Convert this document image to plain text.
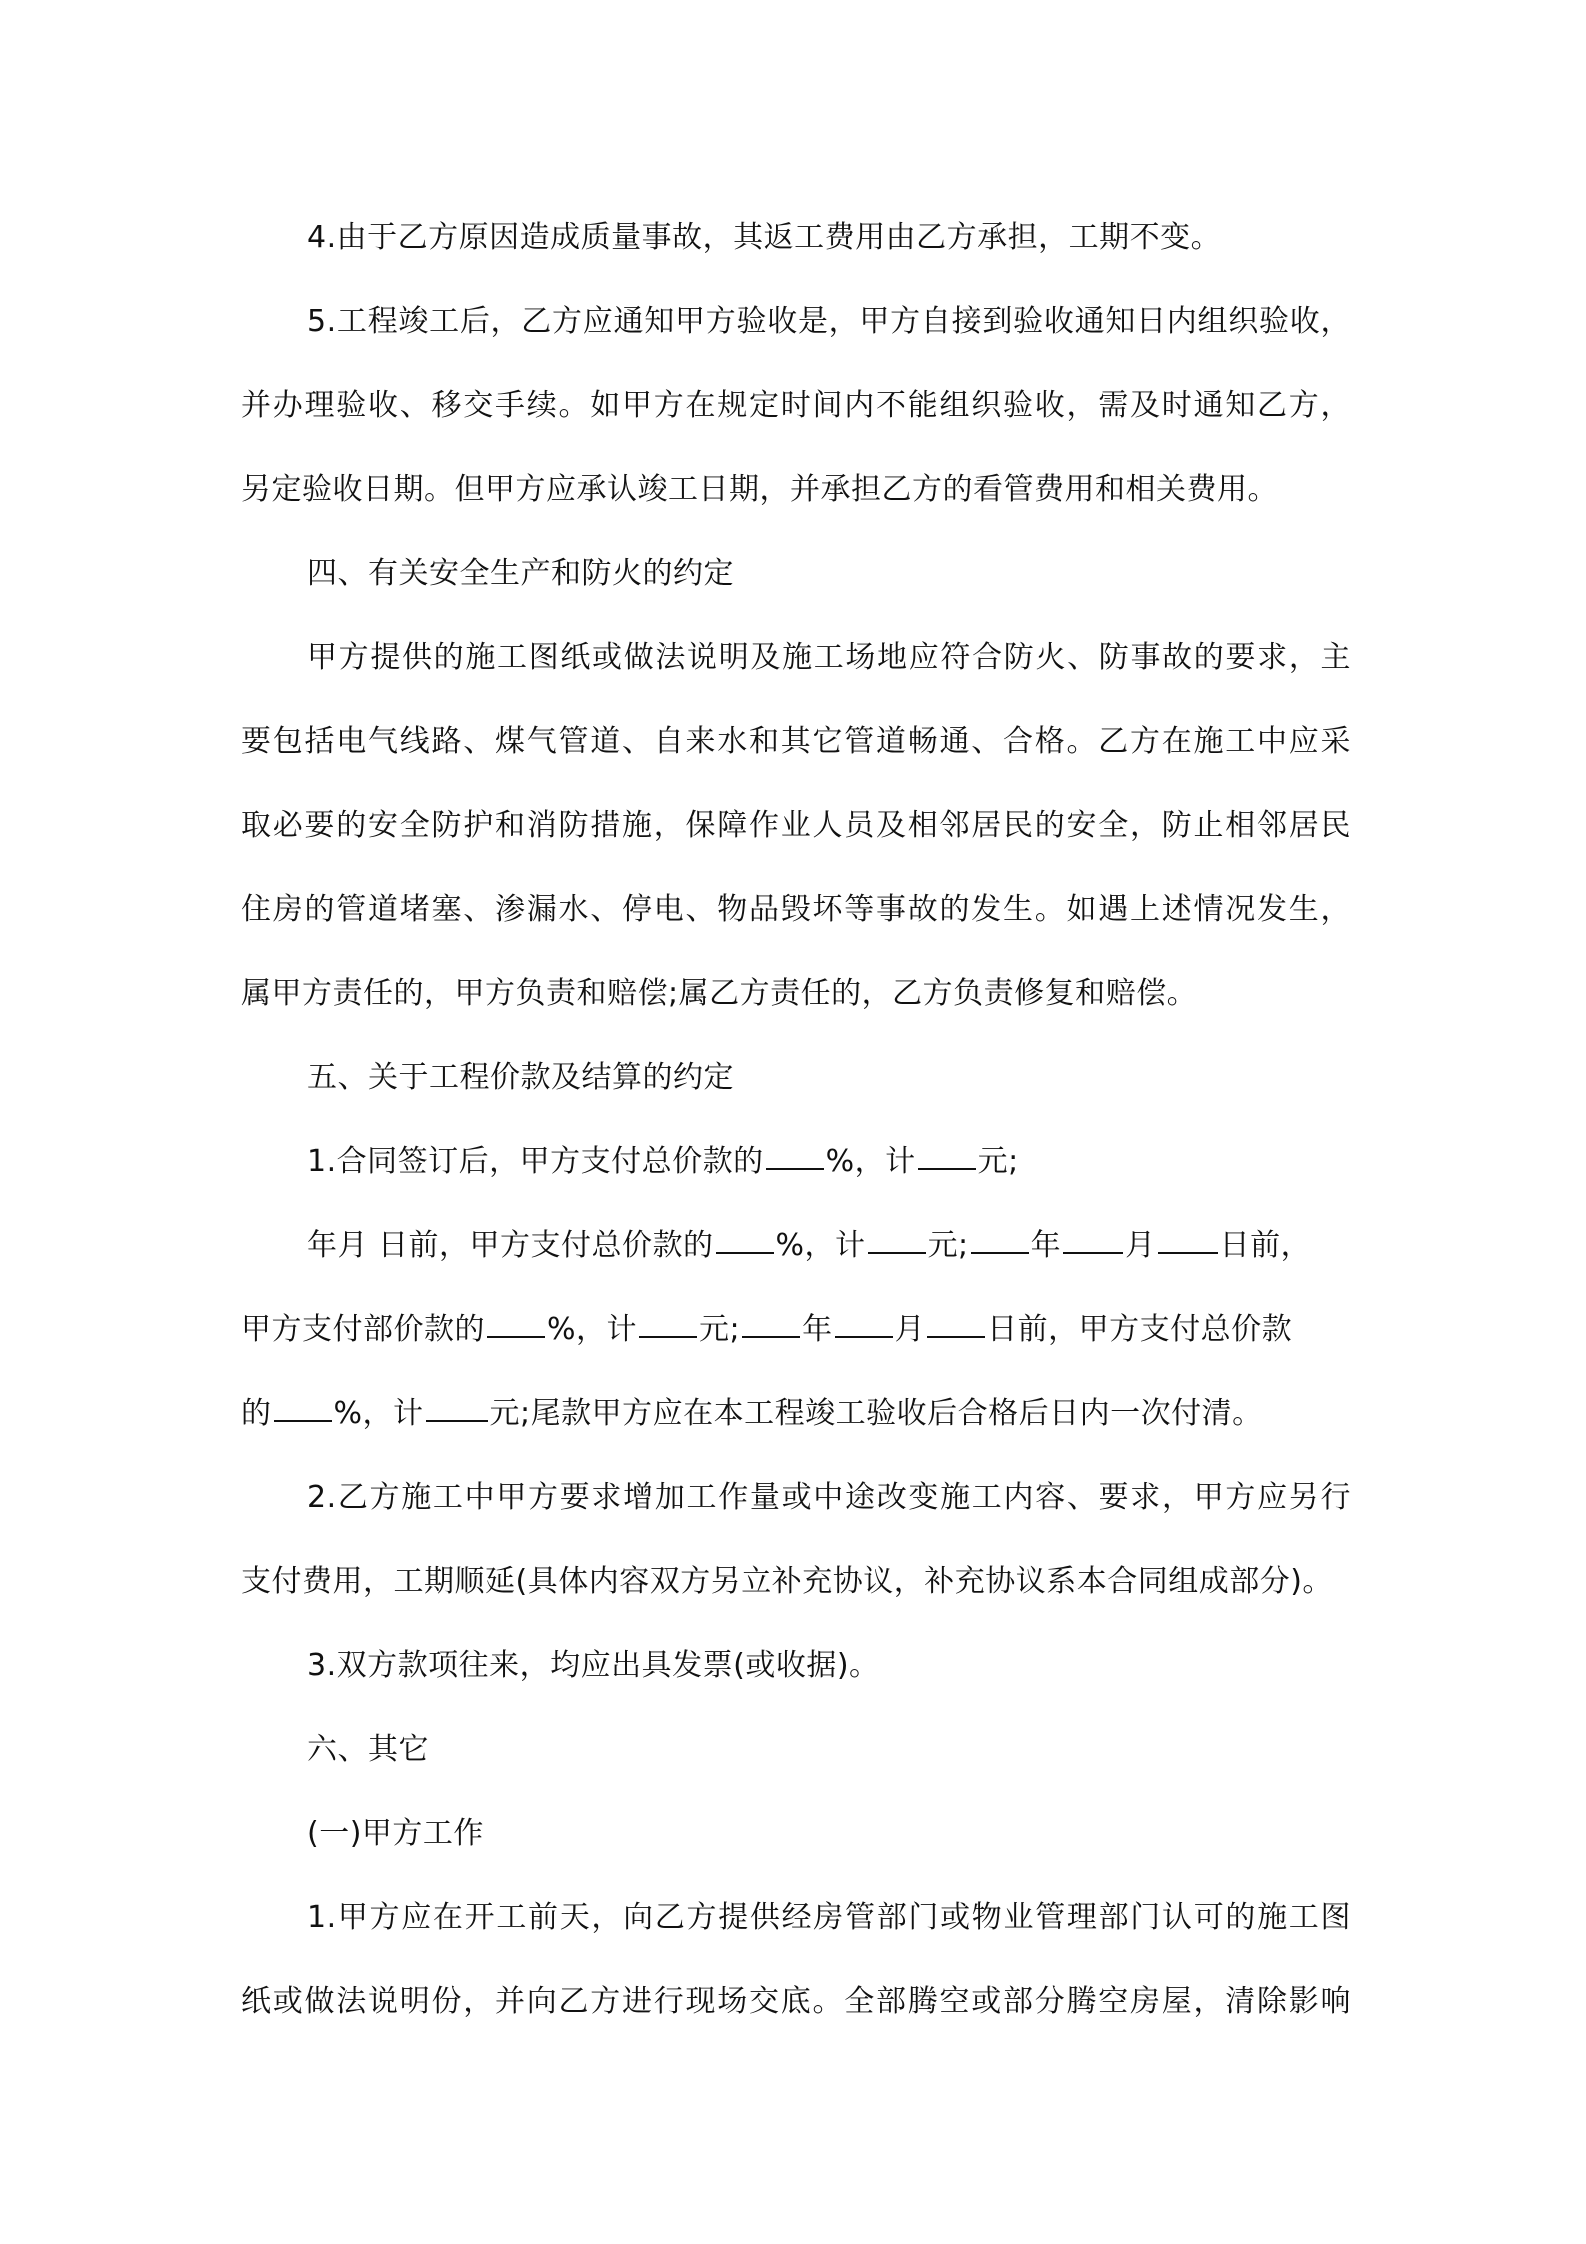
4.由于乙方原因造成质量事故，其返工费用由乙方承担，工期不变。

5.工程竣工后，乙方应通知甲方验收是，甲方自接到验收通知日内组织验收，

并办理验收、移交手续。如甲方在规定时间内不能组织验收，需及时通知乙方，

另定验收日期。但甲方应承认竣工日期，并承担乙方的看管费用和相关费用。

四、有关安全生产和防火的约定

甲方提供的施工图纸或做法说明及施工场地应符合防火、防事故的要求，主

要包括电气线路、煤气管道、自来水和其它管道畅通、合格。乙方在施工中应采

取必要的安全防护和消防措施，保障作业人员及相邻居民的安全，防止相邻居民

住房的管道堵塞、渗漏水、停电、物品毁坏等事故的发生。如遇上述情况发生，

属甲方责任的，甲方负责和赔偿;属乙方责任的，乙方负责修复和赔偿。

五、关于工程价款及结算的约定

1.合同签订后，甲方支付总价款的 %，计 元;

年月 日前，甲方支付总价款的 %，计 元; 年 月 日前，

甲方支付部价款的 %，计 元; 年 月 日前，甲方支付总价款

的 %，计 元;尾款甲方应在本工程竣工验收后合格后日内一次付清。

2.乙方施工中甲方要求增加工作量或中途改变施工内容、要求，甲方应另行

支付费用，工期顺延(具体内容双方另立补充协议，补充协议系本合同组成部分)。

3.双方款项往来，均应出具发票(或收据)。

六、其它

(一)甲方工作

1.甲方应在开工前天，向乙方提供经房管部门或物业管理部门认可的施工图

纸或做法说明份，并向乙方进行现场交底。全部腾空或部分腾空房屋，清除影响
